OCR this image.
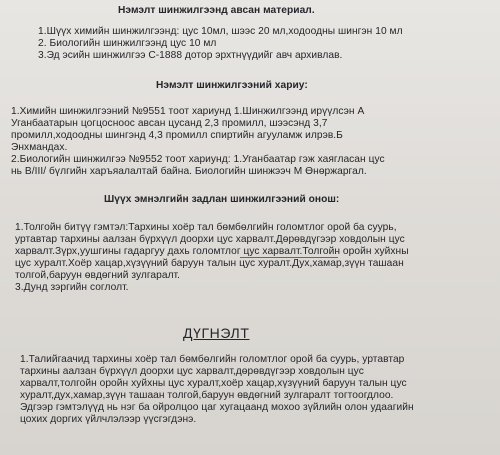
Нэмэлт шинжилгээнд авсан материал.
1.Шүүх химийн шинжилгээнд: цус 10мл, шээс 20 мл,ходоодны шингэн 10 мл
2. Биологийн шинжилгээнд цус 10 мл
3.Эд эсийн шинжилгээ С-1888 дотор эрхтнүүдийг авч архивлав.
Нэмэлт шинжилгээний хариу:
1.Химийн шинжилгээний №9551 тоот хариунд 1.Шинжилгээнд ирүүлсэн А
Уганбаатарын цогцосноос авсан цусанд 2,3 промилл, шээсэнд 3,7
промилл,ходоодны шингэнд 4,3 промилл спиртийн агууламж илрэв.Б
Энхмандах.
2.Биологийн шинжилгээ №9552 тоот хариунд: 1.Уганбаатар гэж хаягласан цус
нь В/III/ бүлгийн харъяалалтай байна. Биологийн шинжээч М Өнөржаргал.
Шүүх эмнэлгийн задлан шинжилгээний онош:
1.Толгойн битүү гэмтэл:Тархины хоёр тал бөмбөлгийн голомтлог орой ба суурь,
уртавтар тархины аалзан бүрхүүл доорхи цус харвалт.Дөрөвдүгээр ховдолын цус
харвалт.Зүрх,уушгины гадаргуу дахь голомтлог цус харвалт.Толгойн оройн хуйхны
цус хуралт.Хоёр хацар,хүзүүний баруун талын цус хуралт.Дух,хамар,зүүн ташаан
толгой,баруун өвдөгний зулгаралт.
3.Дунд зэргийн соглолт.
ДҮГНЭЛТ
1.Талийгаачид тархины хоёр тал бөмбөлгийн голомтлог орой ба суурь, уртавтар
тархины аалзан бүрхүүл доорхи цус харвалт,дөрөвдүгээр ховдолын цус
харвалт,толгойн оройн хуйхны цус хуралт,хоёр хацар,хүзүүний баруун талын цус
хуралт,дух,хамар,зүүн ташаан толгой,баруун өвдөгний зулгаралт тогтоогдлоо.
Эдгээр гэмтэлүүд нь нэг ба ойролцоо цаг хугацаанд мохоо зүйлийн олон удаагийн
цохих доргих үйлчлэлээр үүсгэгдэнэ.
